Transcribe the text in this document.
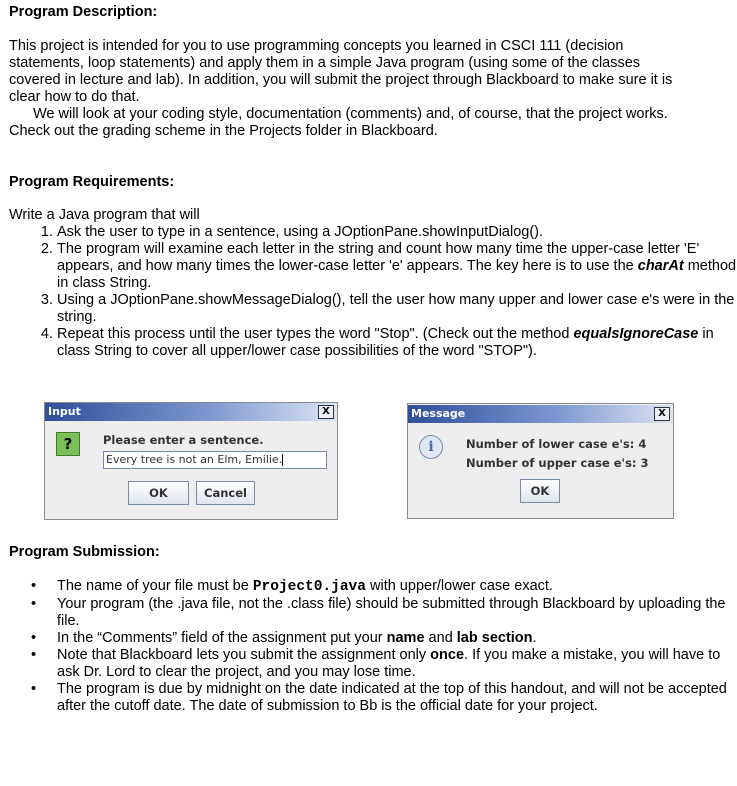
Program Description:
This project is intended for you to use programming concepts you learned in CSCI 111 (decision
statements, loop statements) and apply them in a simple Java program (using some of the classes
covered in lecture and lab). In addition, you will submit the project through Blackboard to make sure it is
clear how to do that.
We will look at your coding style, documentation (comments) and, of course, that the project works.
Check out the grading scheme in the Projects folder in Blackboard.
Program Requirements:
Write a Java program that will
1. Ask the user to type in a sentence, using a JOptionPane.showInputDialog().
2. The program will examine each letter in the string and count how many time the upper-case letter 'E' appears, and how many times the lower-case letter 'e' appears. The key here is to use the charAt method in class String.
3. Using a JOptionPane.showMessageDialog(), tell the user how many upper and lower case e's were in the string.
4. Repeat this process until the user types the word "Stop". (Check out the method equalsIgnoreCase in class String to cover all upper/lower case possibilities of the word "STOP").
Input	X
?	Please enter a sentence.
Every tree is not an Elm, Emilie.
OK	Cancel
Message	X
i	Number of lower case e's: 4
Number of upper case e's: 3
OK
Program Submission:
• The name of your file must be Project0.java with upper/lower case exact.
• Your program (the .java file, not the .class file) should be submitted through Blackboard by uploading the file.
• In the “Comments” field of the assignment put your name and lab section.
• Note that Blackboard lets you submit the assignment only once. If you make a mistake, you will have to ask Dr. Lord to clear the project, and you may lose time.
• The program is due by midnight on the date indicated at the top of this handout, and will not be accepted after the cutoff date. The date of submission to Bb is the official date for your project.
